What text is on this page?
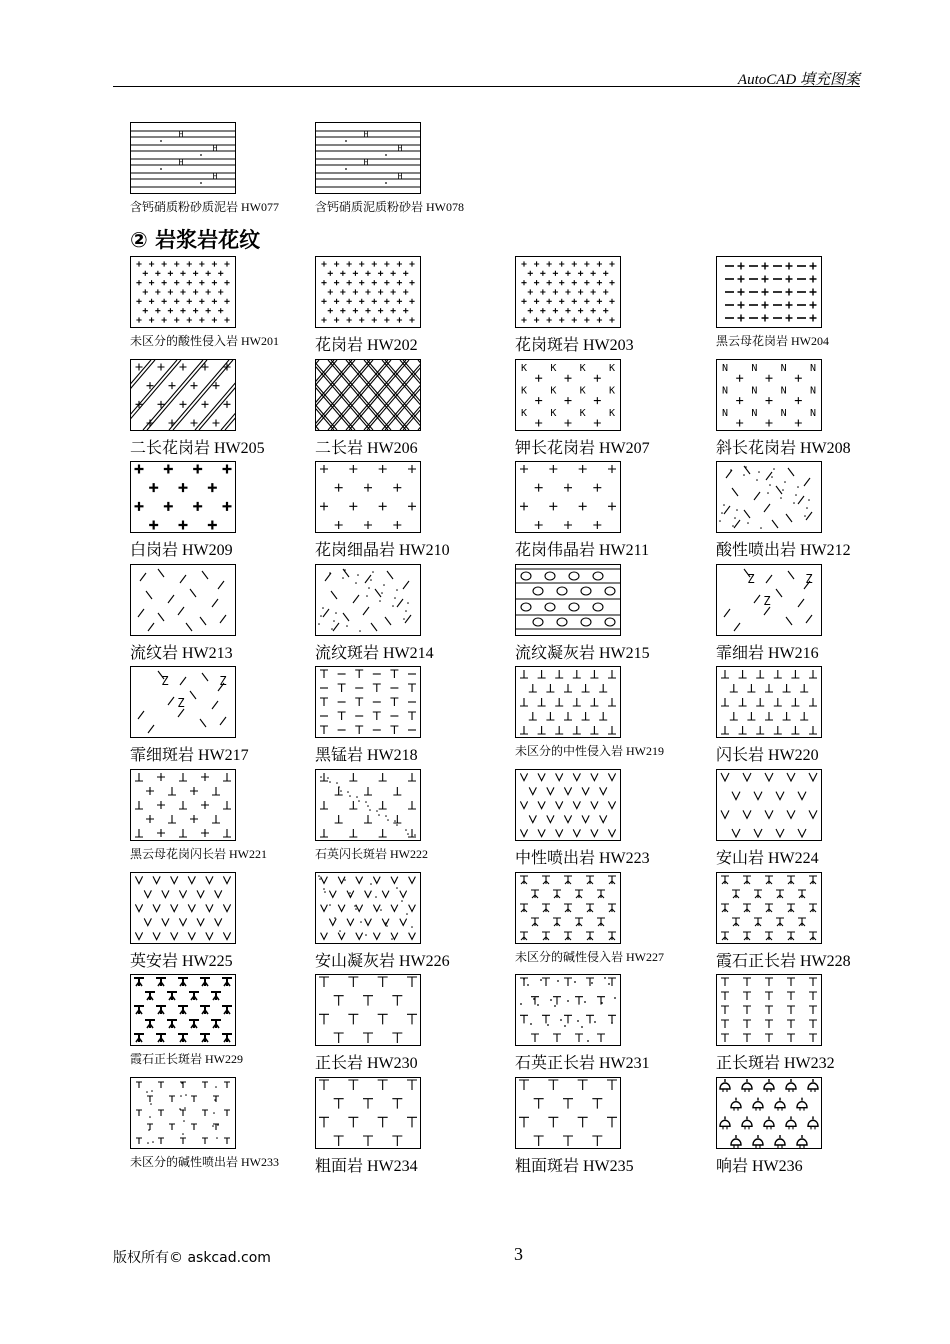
AutoCAD 填充图案
② 岩浆岩花纹
版权所有© askcad.com	3
H
H
H
H
含钙硝质粉砂质泥岩 HW077
H
H
H
H
含钙硝质泥质粉砂岩 HW078
未区分的酸性侵入岩 HW201 花岗岩 HW202	花岗斑岩 HW203	黑云母花岗岩 HW204
二长花岗岩 HW205	二长岩 HW206
K K K K
K K K K
K K K K
钾长花岗岩 HW207
N N N N
N N N N
N N N N
斜长花岗岩 HW208
白岗岩 HW209	花岗细晶岩 HW210	花岗伟晶岩 HW211	酸性喷出岩 HW212
流纹岩 HW213	流纹斑岩 HW214	流纹凝灰岩 HW215
Z	Z
Z
霏细岩 HW216
Z	Z
Z
霏细斑岩 HW217	黑锰岩 HW218	未区分的中性侵入岩 HW219	闪长岩 HW220
黑云母花岗闪长岩 HW221	石英闪长斑岩 HW222	中性喷出岩 HW223	安山岩 HW224
英安岩 HW225	安山凝灰岩 HW226	未区分的碱性侵入岩 HW227	霞石正长岩 HW228
霞石正长斑岩 HW229	正长岩 HW230	石英正长岩 HW231	正长斑岩 HW232
未区分的碱性喷出岩 HW233 粗面岩 HW234	粗面斑岩 HW235	响岩 HW236
